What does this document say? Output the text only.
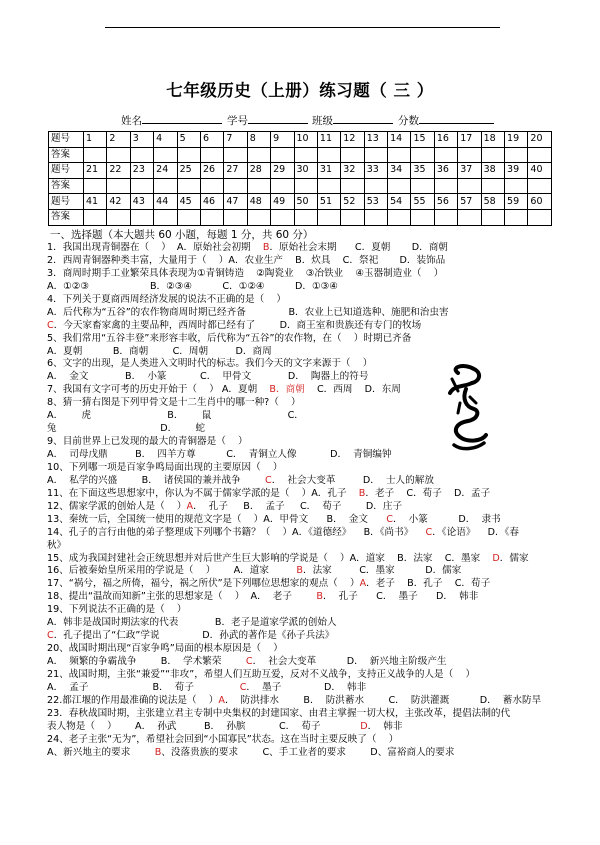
七年级历史（上册）练习题（ 三 ）
姓名	学号	班级	分数
题号	1	2	3	4	5	6	7	8	9	10	11	12	13	14	15	16	17	18	19	20
答案																				
题号	21	22	23	24	25	26	27	28	29	30	31	32	33	34	35	36	37	38	39	40
答案																				
题号	41	42	43	44	45	46	47	48	49	50	51	52	53	54	55	56	57	58	59	60
答案																				
一、选择题（本大题共 60 小题，每题 1 分，共 60 分）
1．我国出现青铜器在（    ）  A．原始社会初期    B．原始社会末期      C．夏朝       D．商朝
2．西周青铜器种类丰富，大量用于（    ）A．农业生产    B．炊具    C．祭祀       D．装饰品
3．商周时期手工业繁荣具体表现为①青铜铸造    ②陶瓷业    ③冶铁业    ④玉器制造业（    ）
A．①②③                    B．②③④          C．①②④          D．①③④
4．下列关于夏商西周经济发展的说法不正确的是（    ）
A．后代称为“五谷”的农作物商周时期已经齐备              B．农业上已知道选种、施肥和治虫害
C．今天家畜家禽的主要品种，西周时都已经有了        D．商王室和贵族还有专门的牧场
5、我们常用“五谷丰登”来形容丰收，后代称为“五谷”的农作物，在（    ）时期已齐备
A．夏朝          B．商朝        C．周朝         D．商周
6、文字的出现，是人类进入文明时代的标志。我们今天的文字来源于（    ）
A．  金文            B．  小篆           C．  甲骨文            D．  陶器上的符号
7、我国有文字可考的历史开始于（    ） A．夏朝    B．商朝    C．西周    D．东周
8、猜一猜右图是下列甲骨文是十二生肖中的哪一种?（    ）
A．      虎                         B．      鼠                         C．
兔                                  D．      蛇
9、目前世界上已发现的最大的青铜器是（    ）
A．  司母戊鼎         B．  四羊方尊          C．  青铜立人像           D．  青铜编钟
10、下列哪一项是百家争鸣局面出现的主要原因（    ）
A．  私学的兴盛        B．  诸侯国的兼并战争        C．  社会大变革         D．  士人的解放
11、在下面这些思想家中，你认为不属于儒家学派的是（    ）A．孔子    B．老子    C．荀子    D．孟子
12、儒家学派的创始人是（    ）A．  孔子     B．  孟子     C．  荀子        D．庄子
13、秦统一后，全国统一使用的规范文字是（    ）A．甲骨文      B．  金文      C．  小篆          D．  隶书
14、孔子的言行由他的弟子整理成下列哪个书籍？（    ）A．《道德经》    B．《尚书》    C．《论语》    D．《春
秋》
15、成为我国封建社会正统思想并对后世产生巨大影响的学说是（    ）A．道家    B．法家    C．墨家    D．儒家
16、后被秦始皇所采用的学说是（    ）      A．道家         B．法家         C．墨家          D．儒家
17、“祸兮，福之所倚，福兮，祸之所伏”是下列哪位思想家的观点（    ）A．老子    B．孔子    C．荀子
18、提出“温故而知新”主张的思想家是（    ）  A．  老子        B．  孔子      C．  墨子      D．  韩非
19、下列说法不正确的是（    ）
A．韩非是战国时期法家的代表            B．老子是道家学派的创始人
C．孔子提出了“仁政”学说              D．孙武的著作是《孙子兵法》
20、战国时期出现“百家争鸣”局面的根本原因是（    ）
A．  频繁的争霸战争        B．  学术繁荣        C．  社会大变革          D．  新兴地主阶级产生
21、战国时期，主张“兼爱”“非攻”，希望人们互助互爱，反对不义战争，支持正义战争的人是（    ）
A．  孟子                     B．  荀子               C．  墨子              D．  韩非
22.都江堰的作用最准确的说法是（    ）A．  防洪排水        B．  防洪蓄水        C．  防洪灌溉          D．  蓄水防旱
23．春秋战国时期，主张建立君主专制中央集权的封建国家、由君主掌握一切大权，主张改革，提倡法制的代
表人物是（    ）      A．  孙武         B．  孙膑           C．  荀子             D．  韩非
24、老子主张“无为”，希望社会回到“小国寡民”状态。这在当时主要反映了（    ）
A、新兴地主的要求        B、没落贵族的要求        C、手工业者的要求        D、富裕商人的要求
